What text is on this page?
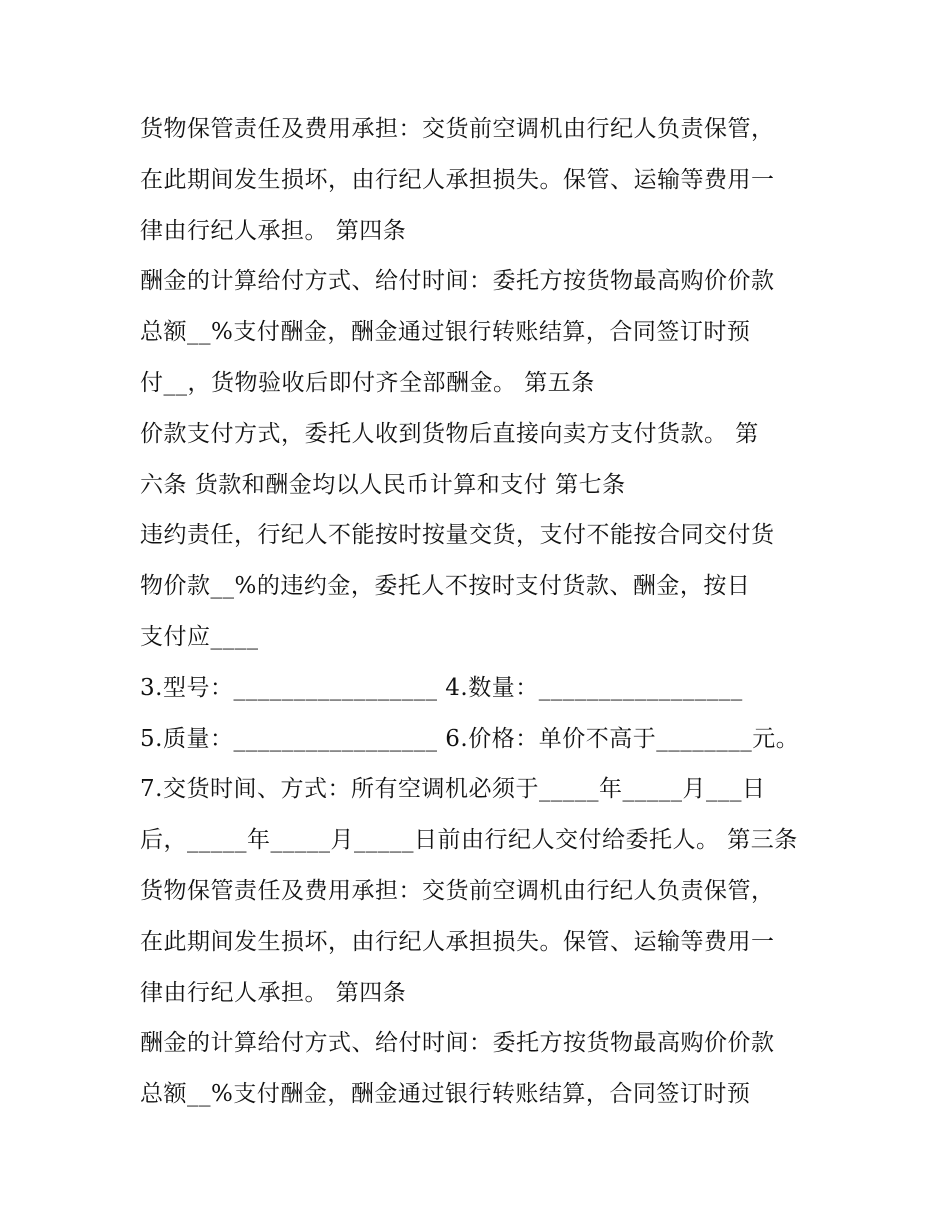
货物保管责任及费用承担：交货前空调机由行纪人负责保管，
在此期间发生损坏，由行纪人承担损失。保管、运输等费用一
律由行纪人承担。 第四条
酬金的计算给付方式、给付时间：委托方按货物最高购价价款
总额__%支付酬金，酬金通过银行转账结算，合同签订时预
付__，货物验收后即付齐全部酬金。 第五条
价款支付方式，委托人收到货物后直接向卖方支付货款。 第
六条 货款和酬金均以人民币计算和支付 第七条
违约责任，行纪人不能按时按量交货，支付不能按合同交付货
物价款__%的违约金，委托人不按时支付货款、酬金，按日
支付应____
3.型号：_________________ 4.数量：_________________
5.质量：_________________ 6.价格：单价不高于________元。
7.交货时间、方式：所有空调机必须于_____年_____月___日
后，_____年_____月_____日前由行纪人交付给委托人。 第三条
货物保管责任及费用承担：交货前空调机由行纪人负责保管，
在此期间发生损坏，由行纪人承担损失。保管、运输等费用一
律由行纪人承担。 第四条
酬金的计算给付方式、给付时间：委托方按货物最高购价价款
总额__%支付酬金，酬金通过银行转账结算，合同签订时预
